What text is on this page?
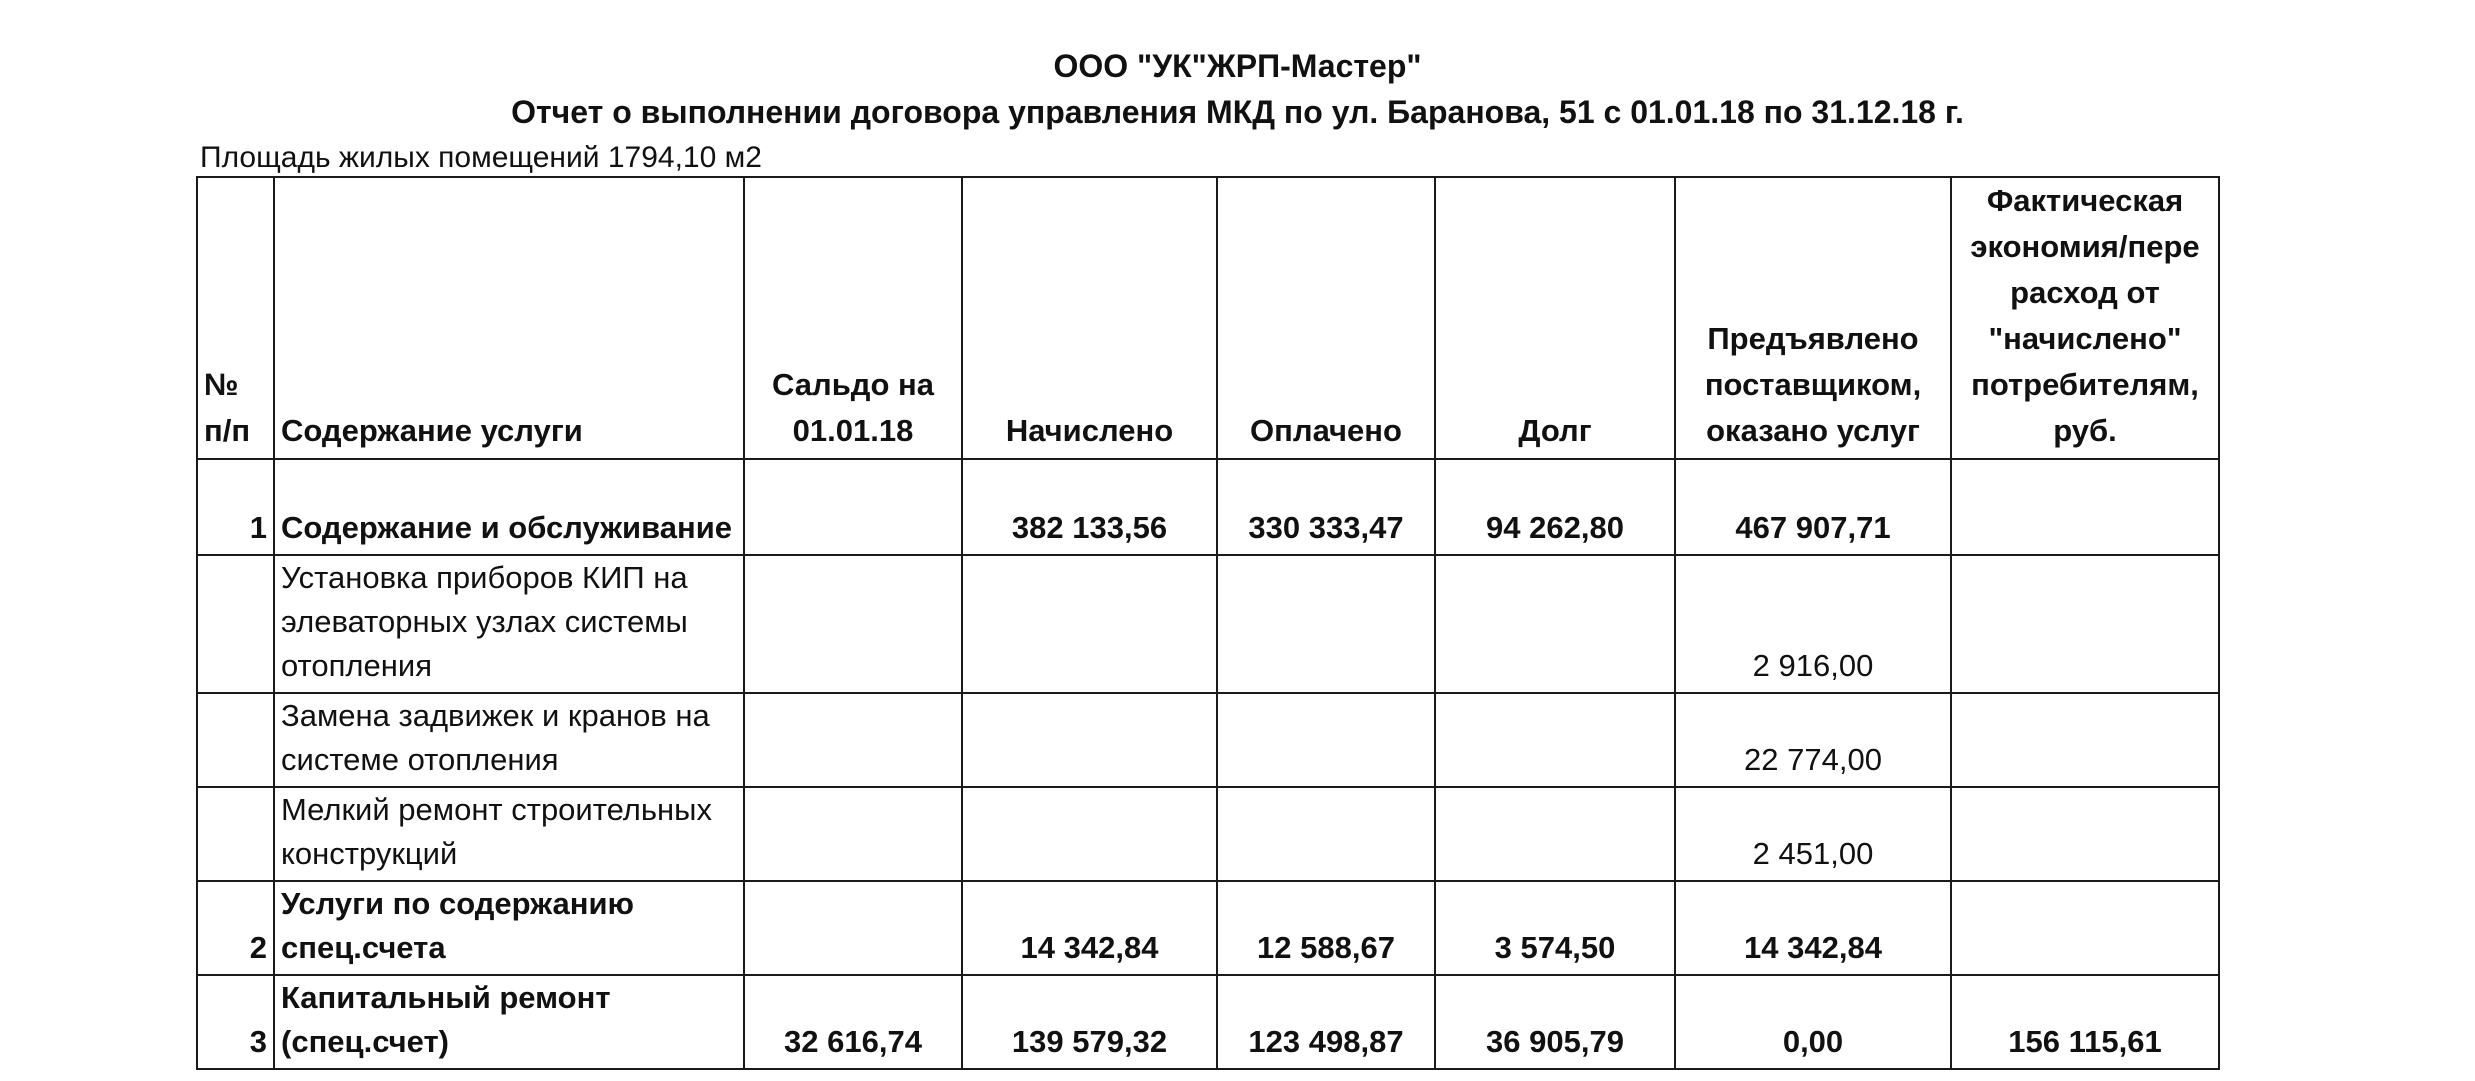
ООО "УК"ЖРП-Мастер"
Отчет о выполнении договора управления МКД по ул. Баранова, 51 с 01.01.18 по 31.12.18 г.
Площадь жилых помещений 1794,10 м2
№ п/п	Содержание услуги	Сальдо на 01.01.18	Начислено	Оплачено	Долг	Предъявлено поставщиком, оказано услуг	Фактическая экономия/пере расход от "начислено" потребителям, руб.
1	Содержание и обслуживание		382 133,56	330 333,47	94 262,80	467 907,71	
	Установка приборов КИП на элеваторных узлах системы отопления					2 916,00	
	Замена задвижек и кранов на системе отопления					22 774,00	
	Мелкий ремонт строительных конструкций					2 451,00	
2	Услуги по содержанию спец.счета		14 342,84	12 588,67	3 574,50	14 342,84	
3	Капитальный ремонт (спец.счет)	32 616,74	139 579,32	123 498,87	36 905,79	0,00	156 115,61
